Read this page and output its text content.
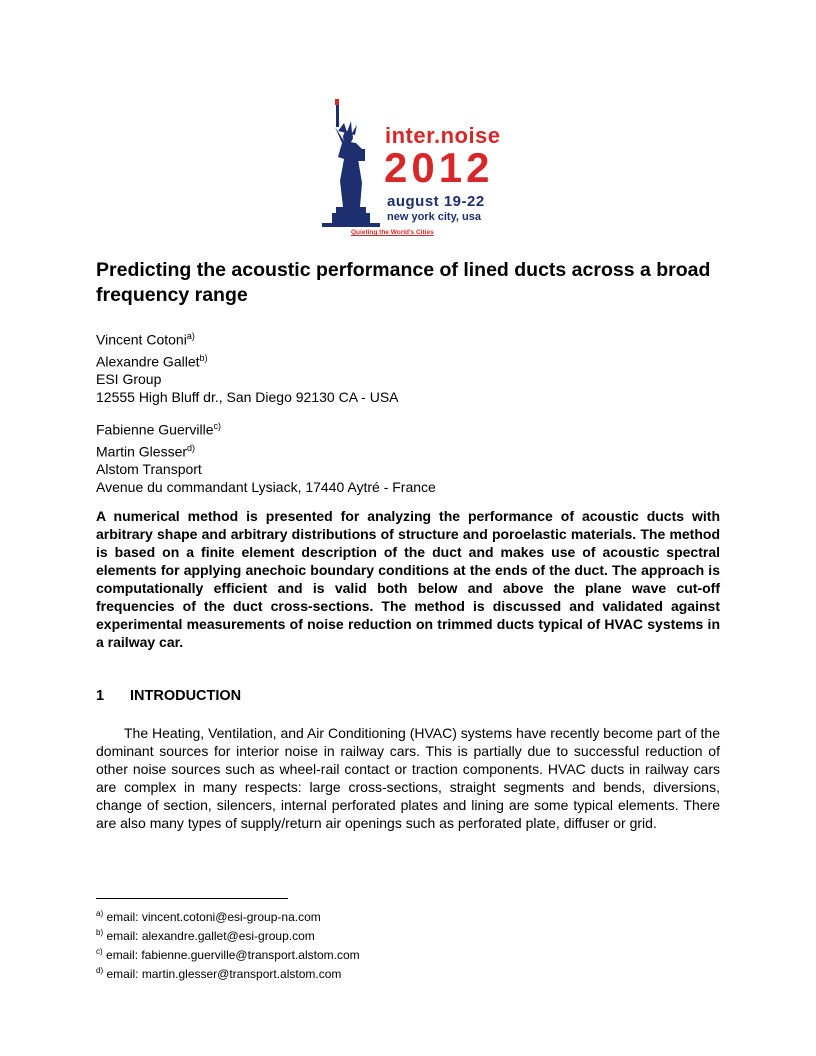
inter.noise
2012
august 19-22
new york city, usa
Quieting the World's Cities
Predicting the acoustic performance of lined ducts across a broad frequency range
Vincent Cotoni$^{a)}$
Alexandre Gallet$^{b)}$
ESI Group
12555 High Bluff dr., San Diego 92130 CA - USA
Fabienne Guerville$^{c)}$
Martin Glesser$^{d)}$
Alstom Transport
Avenue du commandant Lysiack, 17440 Aytré - France

A numerical method is presented for analyzing the performance of acoustic ducts with arbitrary shape and arbitrary distributions of structure and poroelastic materials. The method is based on a finite element description of the duct and makes use of acoustic spectral elements for applying anechoic boundary conditions at the ends of the duct. The approach is computationally efficient and is valid both below and above the plane wave cut-off frequencies of the duct cross-sections. The method is discussed and validated against experimental measurements of noise reduction on trimmed ducts typical of HVAC systems in a railway car.

1 INTRODUCTION

The Heating, Ventilation, and Air Conditioning (HVAC) systems have recently become part of the dominant sources for interior noise in railway cars. This is partially due to successful reduction of other noise sources such as wheel-rail contact or traction components. HVAC ducts in railway cars are complex in many respects: large cross-sections, straight segments and bends, diversions, change of section, silencers, internal perforated plates and lining are some typical elements. There are also many types of supply/return air openings such as perforated plate, diffuser or grid.

$^{a)}$ email: vincent.cotoni@esi-group-na.com
$^{b)}$ email: alexandre.gallet@esi-group.com
$^{c)}$ email: fabienne.guerville@transport.alstom.com
$^{d)}$ email: martin.glesser@transport.alstom.com
